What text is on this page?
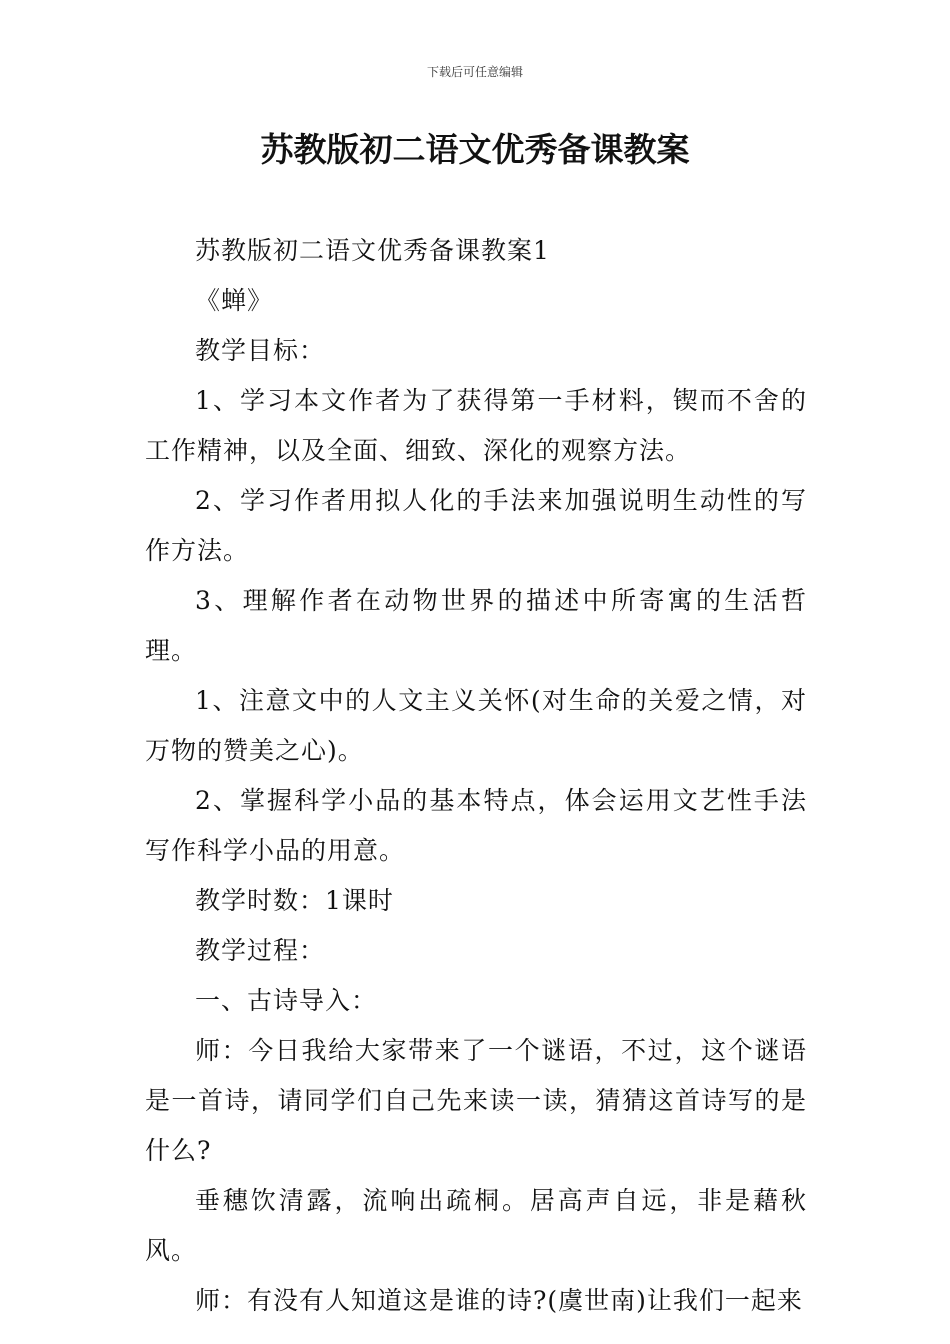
下载后可任意编辑
苏教版初二语文优秀备课教案

苏教版初二语文优秀备课教案1

《蝉》

教学目标：

1、学习本文作者为了获得第一手材料，锲而不舍的工作精神，以及全面、细致、深化的观察方法。

2、学习作者用拟人化的手法来加强说明生动性的写作方法。

3、理解作者在动物世界的描述中所寄寓的生活哲理。

1、注意文中的人文主义关怀(对生命的关爱之情，对万物的赞美之心)。

2、掌握科学小品的基本特点，体会运用文艺性手法写作科学小品的用意。

教学时数：1课时

教学过程：

一、古诗导入：

师：今日我给大家带来了一个谜语，不过，这个谜语是一首诗，请同学们自己先来读一读，猜猜这首诗写的是什么?

垂穗饮清露，流响出疏桐。居高声自远，非是藉秋风。

师：有没有人知道这是谁的诗?(虞世南)让我们一起来
